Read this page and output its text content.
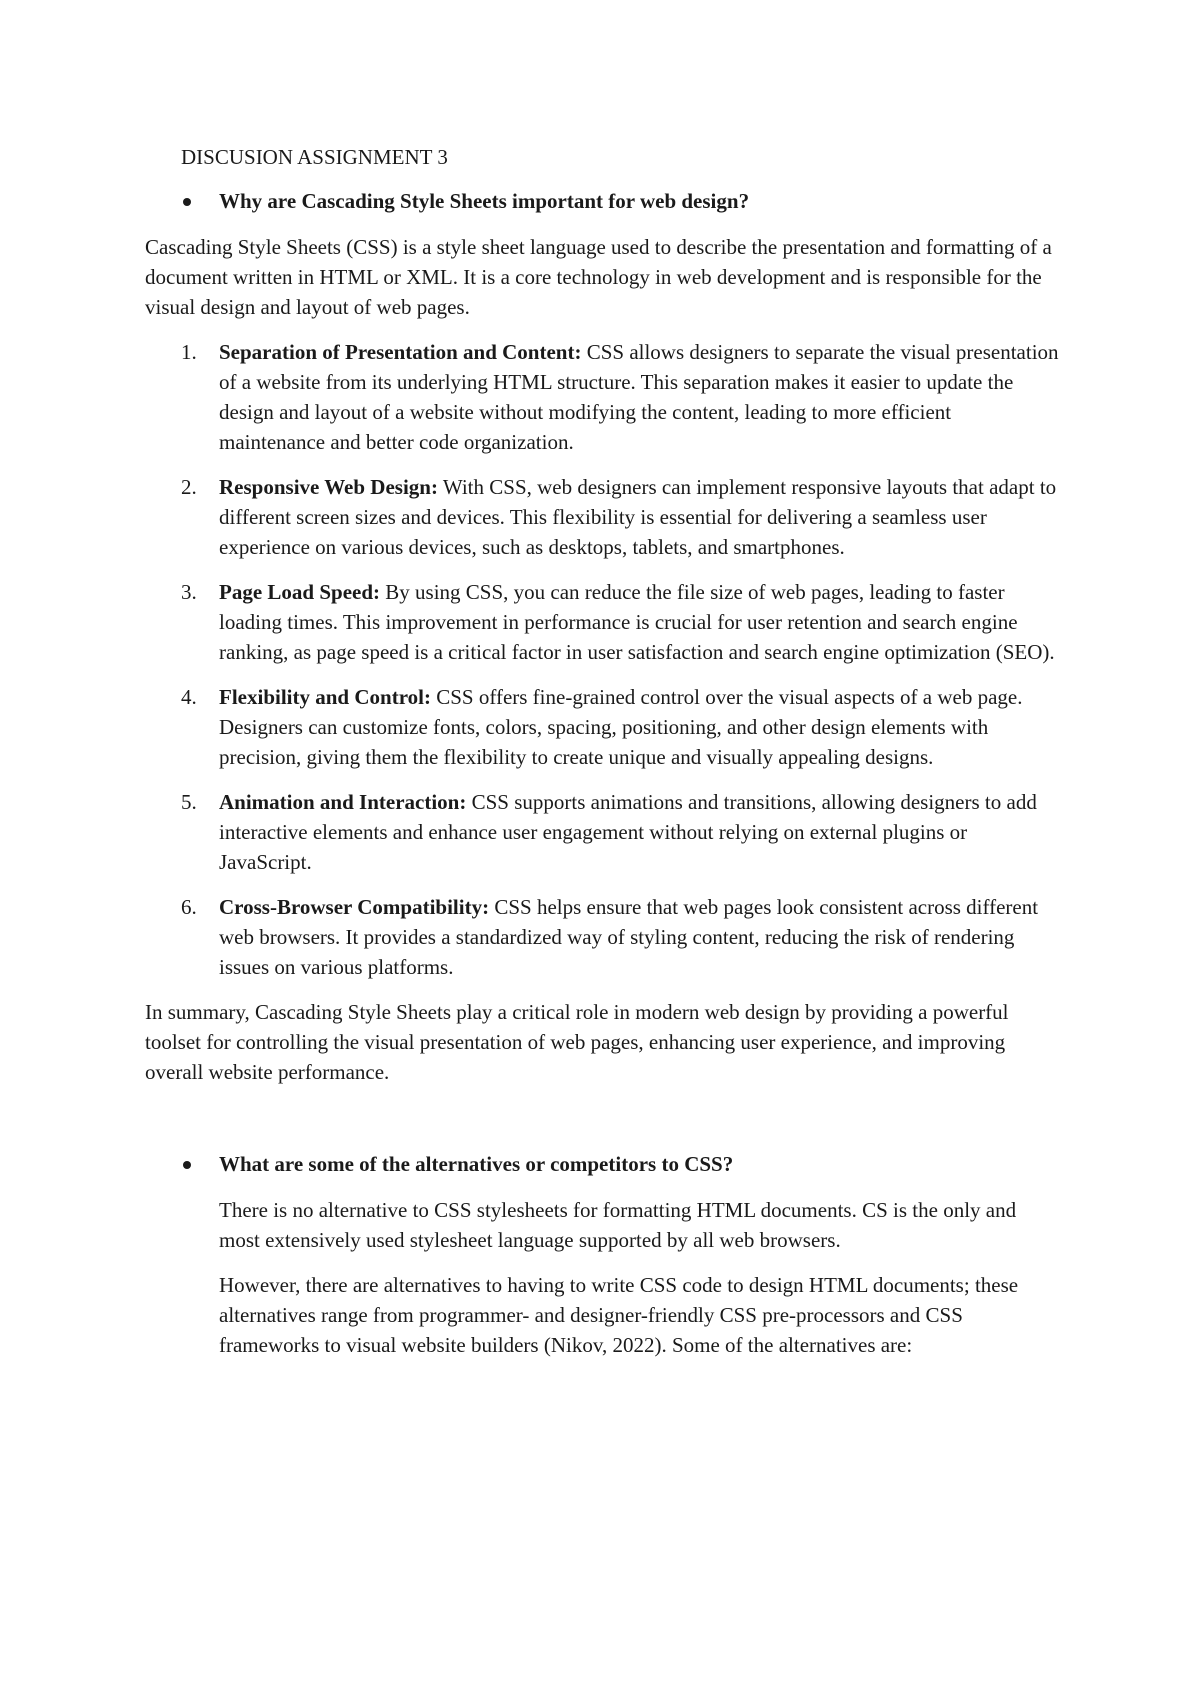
DISCUSION ASSIGNMENT 3

Why are Cascading Style Sheets important for web design?

Cascading Style Sheets (CSS) is a style sheet language used to describe the presentation and formatting of a document written in HTML or XML. It is a core technology in web development and is responsible for the visual design and layout of web pages.

1. Separation of Presentation and Content: CSS allows designers to separate the visual presentation of a website from its underlying HTML structure. This separation makes it easier to update the design and layout of a website without modifying the content, leading to more efficient maintenance and better code organization.
2. Responsive Web Design: With CSS, web designers can implement responsive layouts that adapt to different screen sizes and devices. This flexibility is essential for delivering a seamless user experience on various devices, such as desktops, tablets, and smartphones.
3. Page Load Speed: By using CSS, you can reduce the file size of web pages, leading to faster loading times. This improvement in performance is crucial for user retention and search engine ranking, as page speed is a critical factor in user satisfaction and search engine optimization (SEO).
4. Flexibility and Control: CSS offers fine-grained control over the visual aspects of a web page. Designers can customize fonts, colors, spacing, positioning, and other design elements with precision, giving them the flexibility to create unique and visually appealing designs.
5. Animation and Interaction: CSS supports animations and transitions, allowing designers to add interactive elements and enhance user engagement without relying on external plugins or JavaScript.
6. Cross-Browser Compatibility: CSS helps ensure that web pages look consistent across different web browsers. It provides a standardized way of styling content, reducing the risk of rendering issues on various platforms.

In summary, Cascading Style Sheets play a critical role in modern web design by providing a powerful toolset for controlling the visual presentation of web pages, enhancing user experience, and improving overall website performance.

What are some of the alternatives or competitors to CSS?

There is no alternative to CSS stylesheets for formatting HTML documents. CS is the only and most extensively used stylesheet language supported by all web browsers.

However, there are alternatives to having to write CSS code to design HTML documents; these alternatives range from programmer- and designer-friendly CSS pre-processors and CSS frameworks to visual website builders (Nikov, 2022). Some of the alternatives are:
